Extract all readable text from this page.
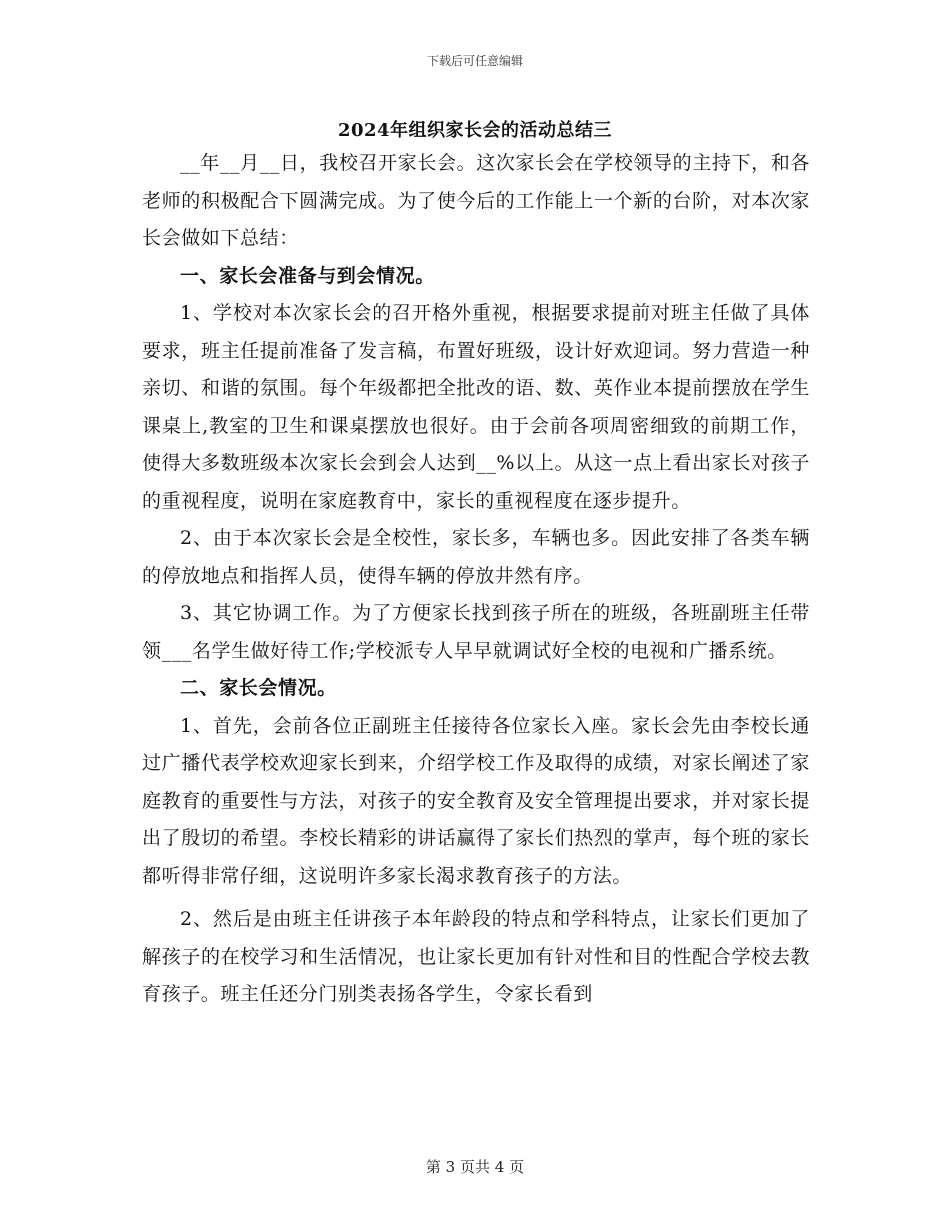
下载后可任意编辑
2024年组织家长会的活动总结三

__年__月__日，我校召开家长会。这次家长会在学校领导的主持下，和各老师的积极配合下圆满完成。为了使今后的工作能上一个新的台阶，对本次家长会做如下总结：

一、家长会准备与到会情况。

1、学校对本次家长会的召开格外重视，根据要求提前对班主任做了具体要求，班主任提前准备了发言稿，布置好班级，设计好欢迎词。努力营造一种亲切、和谐的氛围。每个年级都把全批改的语、数、英作业本提前摆放在学生课桌上,教室的卫生和课桌摆放也很好。由于会前各项周密细致的前期工作，使得大多数班级本次家长会到会人达到__%以上。从这一点上看出家长对孩子的重视程度，说明在家庭教育中，家长的重视程度在逐步提升。

2、由于本次家长会是全校性，家长多，车辆也多。因此安排了各类车辆的停放地点和指挥人员，使得车辆的停放井然有序。

3、其它协调工作。为了方便家长找到孩子所在的班级，各班副班主任带领___名学生做好待工作;学校派专人早早就调试好全校的电视和广播系统。

二、家长会情况。

1、首先，会前各位正副班主任接待各位家长入座。家长会先由李校长通过广播代表学校欢迎家长到来，介绍学校工作及取得的成绩，对家长阐述了家庭教育的重要性与方法，对孩子的安全教育及安全管理提出要求，并对家长提出了殷切的希望。李校长精彩的讲话赢得了家长们热烈的掌声，每个班的家长都听得非常仔细，这说明许多家长渴求教育孩子的方法。

2、然后是由班主任讲孩子本年龄段的特点和学科特点，让家长们更加了解孩子的在校学习和生活情况，也让家长更加有针对性和目的性配合学校去教育孩子。班主任还分门别类表扬各学生，令家长看到

第 3 页共 4 页
